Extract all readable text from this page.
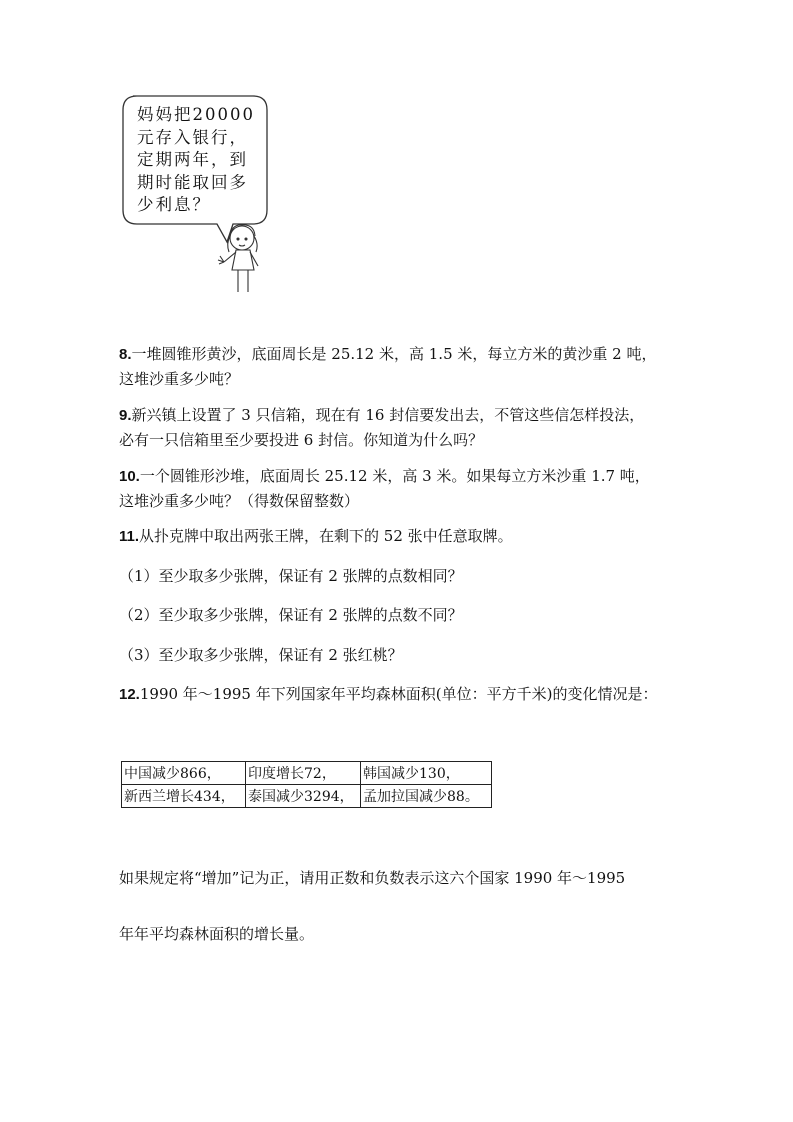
妈妈把20000
元存入银行，
定期两年，到
期时能取回多
少利息？
8.一堆圆锥形黄沙，底面周长是 25.12 米，高 1.5 米，每立方米的黄沙重 2 吨，
这堆沙重多少吨？
9.新兴镇上设置了 3 只信箱，现在有 16 封信要发出去，不管这些信怎样投法，
必有一只信箱里至少要投进 6 封信。你知道为什么吗？
10.一个圆锥形沙堆，底面周长 25.12 米，高 3 米。如果每立方米沙重 1.7 吨，
这堆沙重多少吨？（得数保留整数）
11.从扑克牌中取出两张王牌，在剩下的 52 张中任意取牌。
（1）至少取多少张牌，保证有 2 张牌的点数相同？
（2）至少取多少张牌，保证有 2 张牌的点数不同？
（3）至少取多少张牌，保证有 2 张红桃？
12.1990 年～1995 年下列国家年平均森林面积(单位：平方千米)的变化情况是：
中国减少866，	印度增长72，	韩国减少130，
新西兰增长434，	泰国减少3294，	孟加拉国减少88。
如果规定将“增加”记为正，请用正数和负数表示这六个国家 1990 年～1995
年年平均森林面积的增长量。
